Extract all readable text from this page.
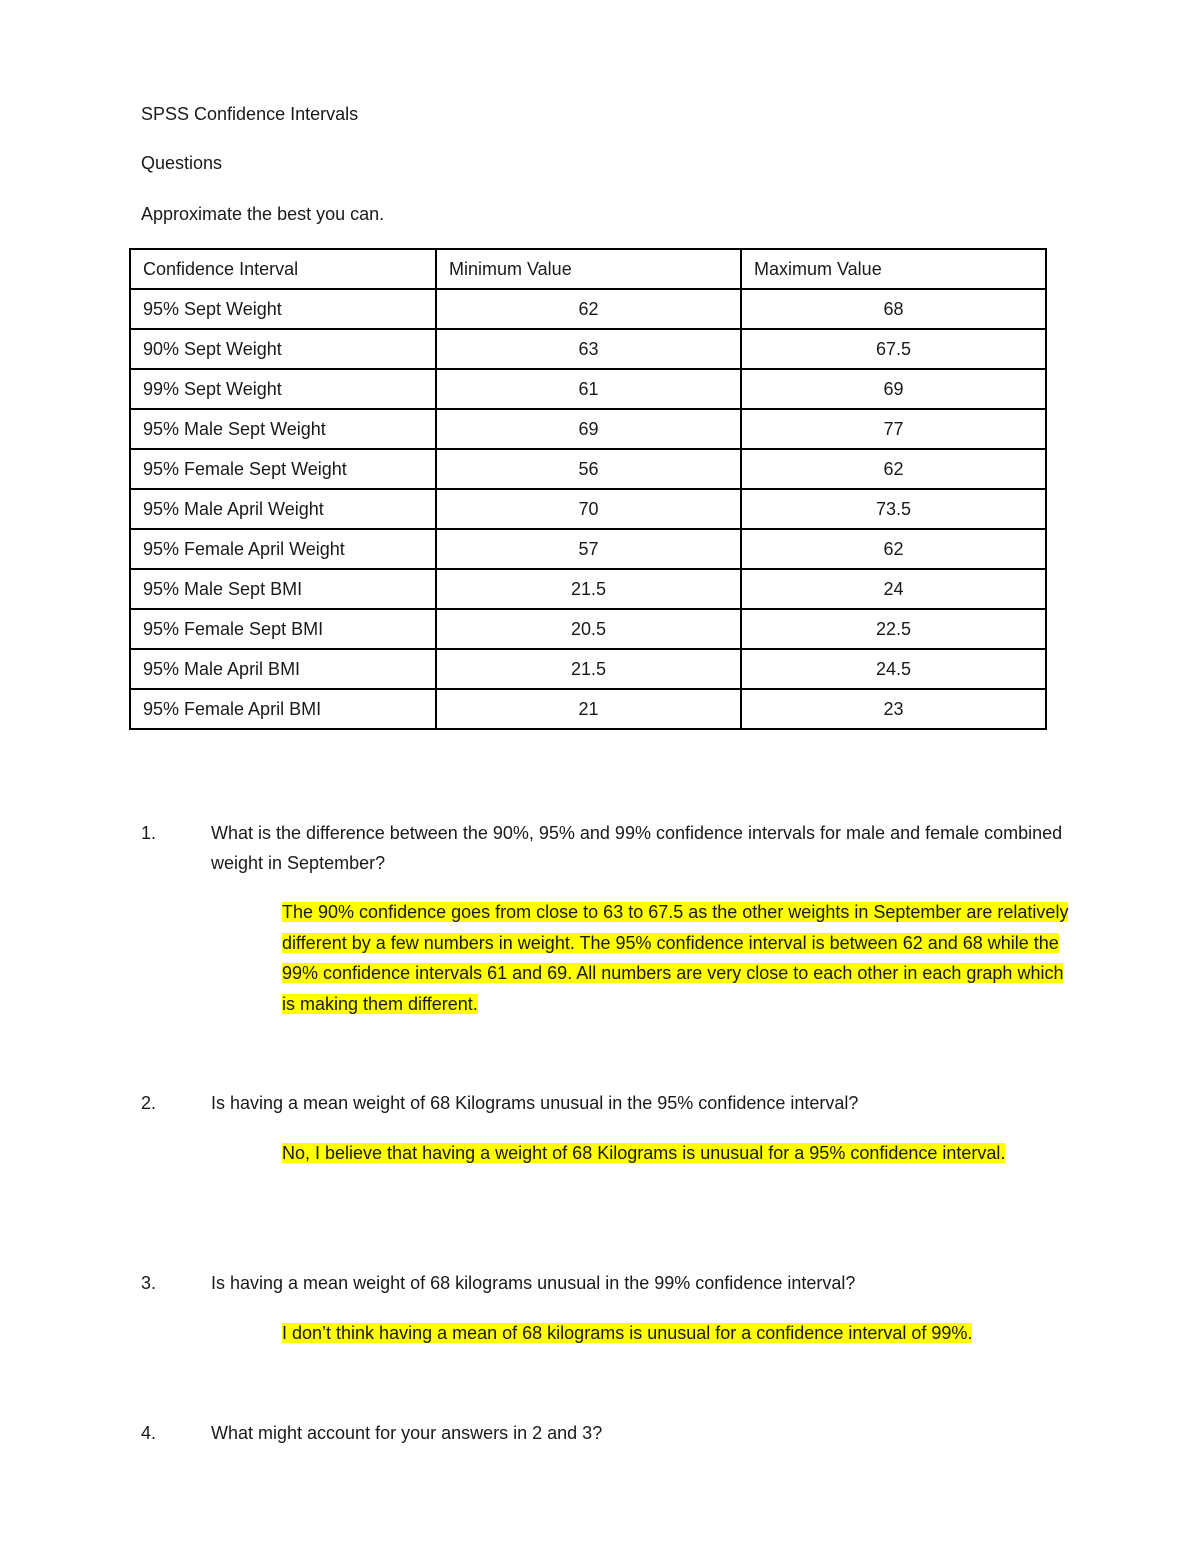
SPSS Confidence Intervals
Questions
Approximate the best you can.
Confidence Interval	Minimum Value	Maximum Value
95% Sept Weight	62	68
90% Sept Weight	63	67.5
99% Sept Weight	61	69
95% Male Sept Weight	69	77
95% Female Sept Weight	56	62
95% Male April Weight	70	73.5
95% Female April Weight	57	62
95% Male Sept BMI	21.5	24
95% Female Sept BMI	20.5	22.5
95% Male April BMI	21.5	24.5
95% Female April BMI	21	23
1.	What is the difference between the 90%, 95% and 99% confidence intervals for male and female combined weight in September?
The 90% confidence goes from close to 63 to 67.5 as the other weights in September are relatively different by a few numbers in weight. The 95% confidence interval is between 62 and 68 while the 99% confidence intervals 61 and 69. All numbers are very close to each other in each graph which is making them different.
2.	Is having a mean weight of 68 Kilograms unusual in the 95% confidence interval?
No, I believe that having a weight of 68 Kilograms is unusual for a 95% confidence interval.
3.	Is having a mean weight of 68 kilograms unusual in the 99% confidence interval?
I don’t think having a mean of 68 kilograms is unusual for a confidence interval of 99%.
4.	What might account for your answers in 2 and 3?
